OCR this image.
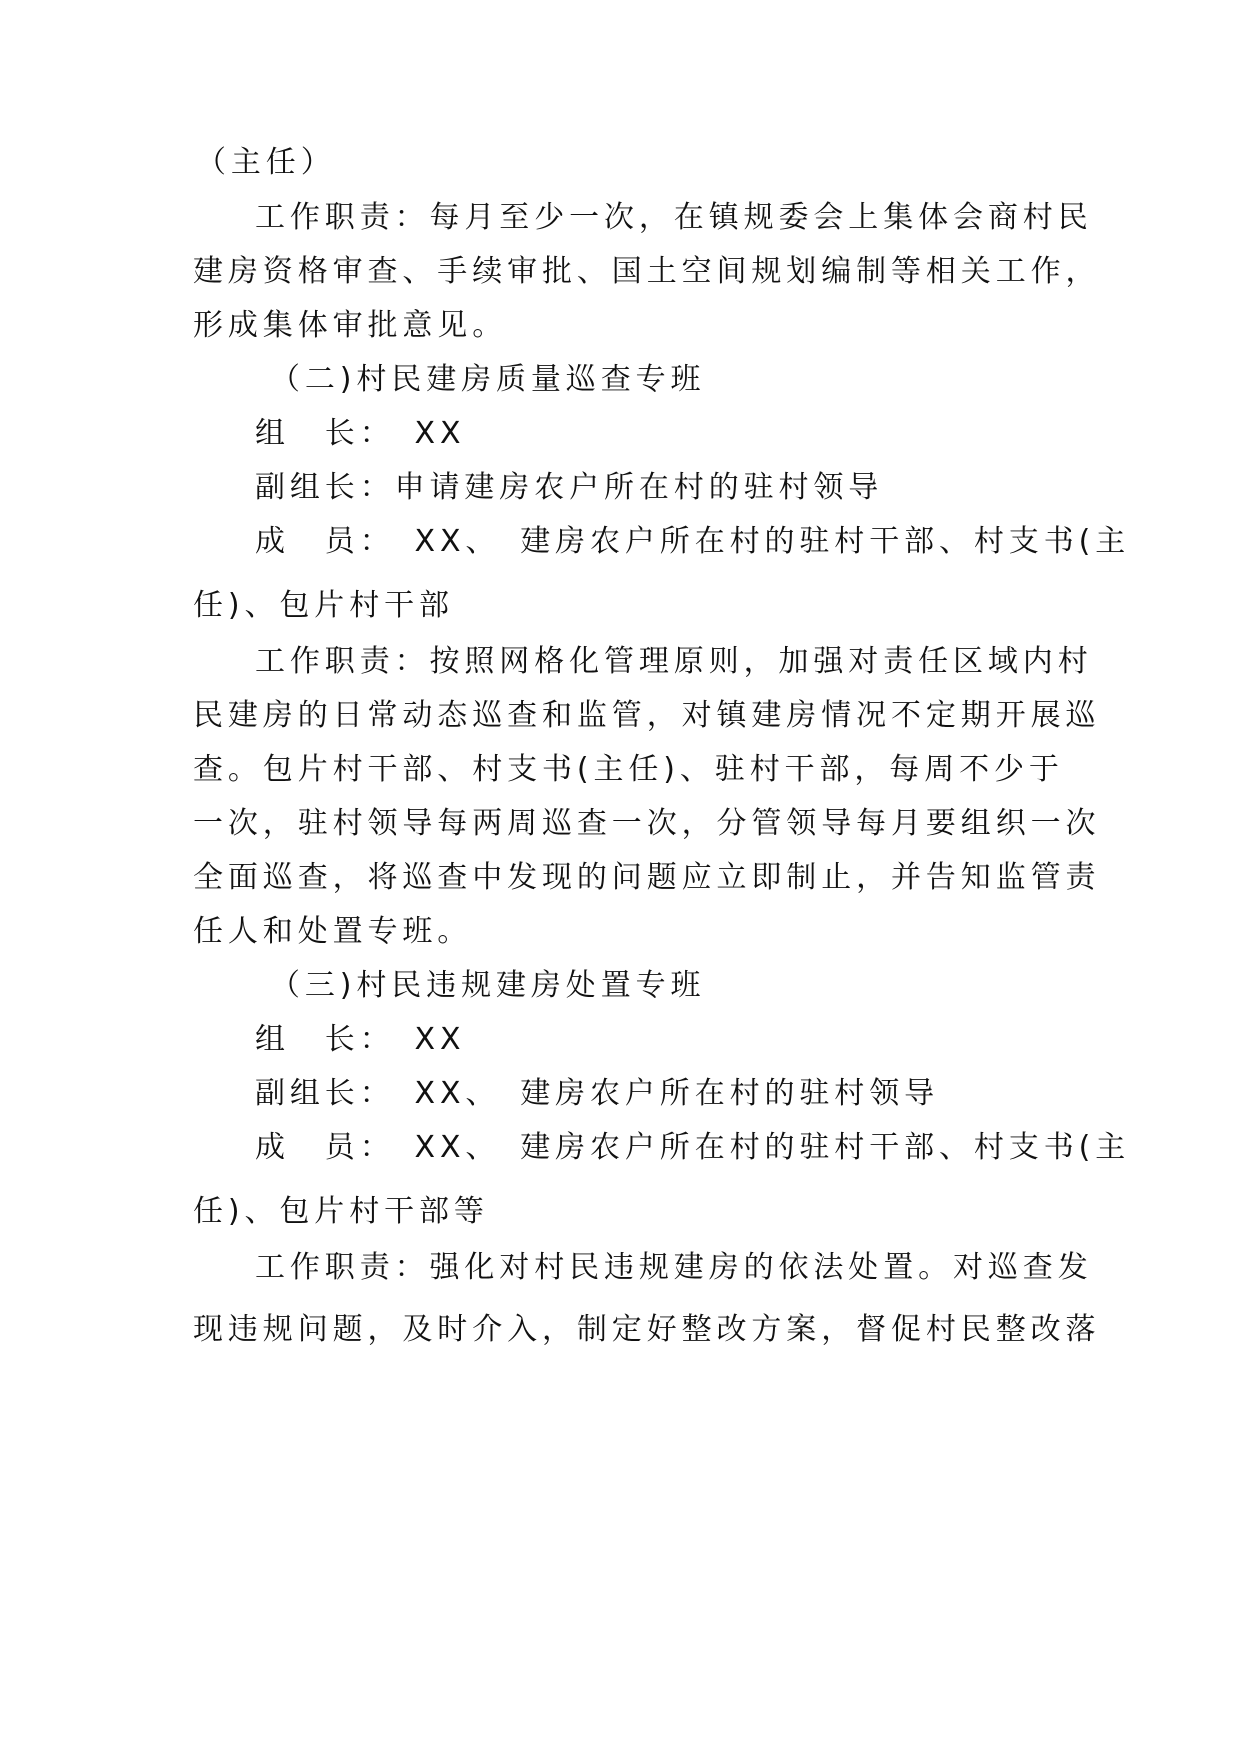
（主任）

工作职责：每月至少一次，在镇规委会上集体会商村民

建房资格审查、手续审批、国土空间规划编制等相关工作，

形成集体审批意见。

（二)村民建房质量巡查专班

组　长：　XX

副组长：申请建房农户所在村的驻村领导

成　员：　XX、　建房农户所在村的驻村干部、村支书(主

任)、包片村干部

工作职责：按照网格化管理原则，加强对责任区域内村

民建房的日常动态巡查和监管，对镇建房情况不定期开展巡

查。包片村干部、村支书(主任)、驻村干部，每周不少于

一次，驻村领导每两周巡查一次，分管领导每月要组织一次

全面巡查，将巡查中发现的问题应立即制止，并告知监管责

任人和处置专班。

（三)村民违规建房处置专班

组　长：　XX

副组长：　XX、　建房农户所在村的驻村领导

成　员：　XX、　建房农户所在村的驻村干部、村支书(主

任)、包片村干部等

工作职责：强化对村民违规建房的依法处置。对巡查发

现违规问题，及时介入，制定好整改方案，督促村民整改落
